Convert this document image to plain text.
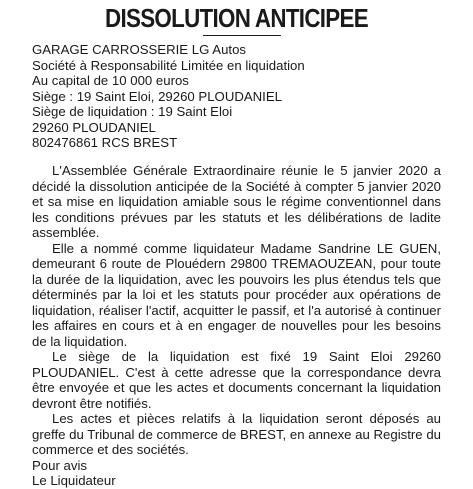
DISSOLUTION ANTICIPEE
GARAGE CARROSSERIE LG Autos
Société à Responsabilité Limitée en liquidation
Au capital de 10 000 euros
Siège : 19 Saint Eloi, 29260 PLOUDANIEL
Siège de liquidation : 19 Saint Eloi
29260 PLOUDANIEL
802476861 RCS BREST

L'Assemblée Générale Extraordinaire réunie le 5 janvier 2020 a décidé la dissolution anticipée de la Société à compter 5 janvier 2020 et sa mise en liquidation amiable sous le régime conventionnel dans les conditions prévues par les statuts et les délibérations de ladite assemblée.

Elle a nommé comme liquidateur Madame Sandrine LE GUEN, demeurant 6 route de Plouédern 29800 TREMAOUZEAN, pour toute la durée de la liquidation, avec les pouvoirs les plus étendus tels que déterminés par la loi et les statuts pour procéder aux opérations de liquidation, réaliser l'actif, acquitter le passif, et l'a autorisé à continuer les affaires en cours et à en engager de nouvelles pour les besoins de la liquidation.

Le siège de la liquidation est fixé 19 Saint Eloi 29260 PLOUDANIEL. C'est à cette adresse que la correspondance devra être envoyée et que les actes et documents concernant la liquidation devront être notifiés.

Les actes et pièces relatifs à la liquidation seront déposés au greffe du Tribunal de commerce de BREST, en annexe au Registre du commerce et des sociétés.

Pour avis
Le Liquidateur
